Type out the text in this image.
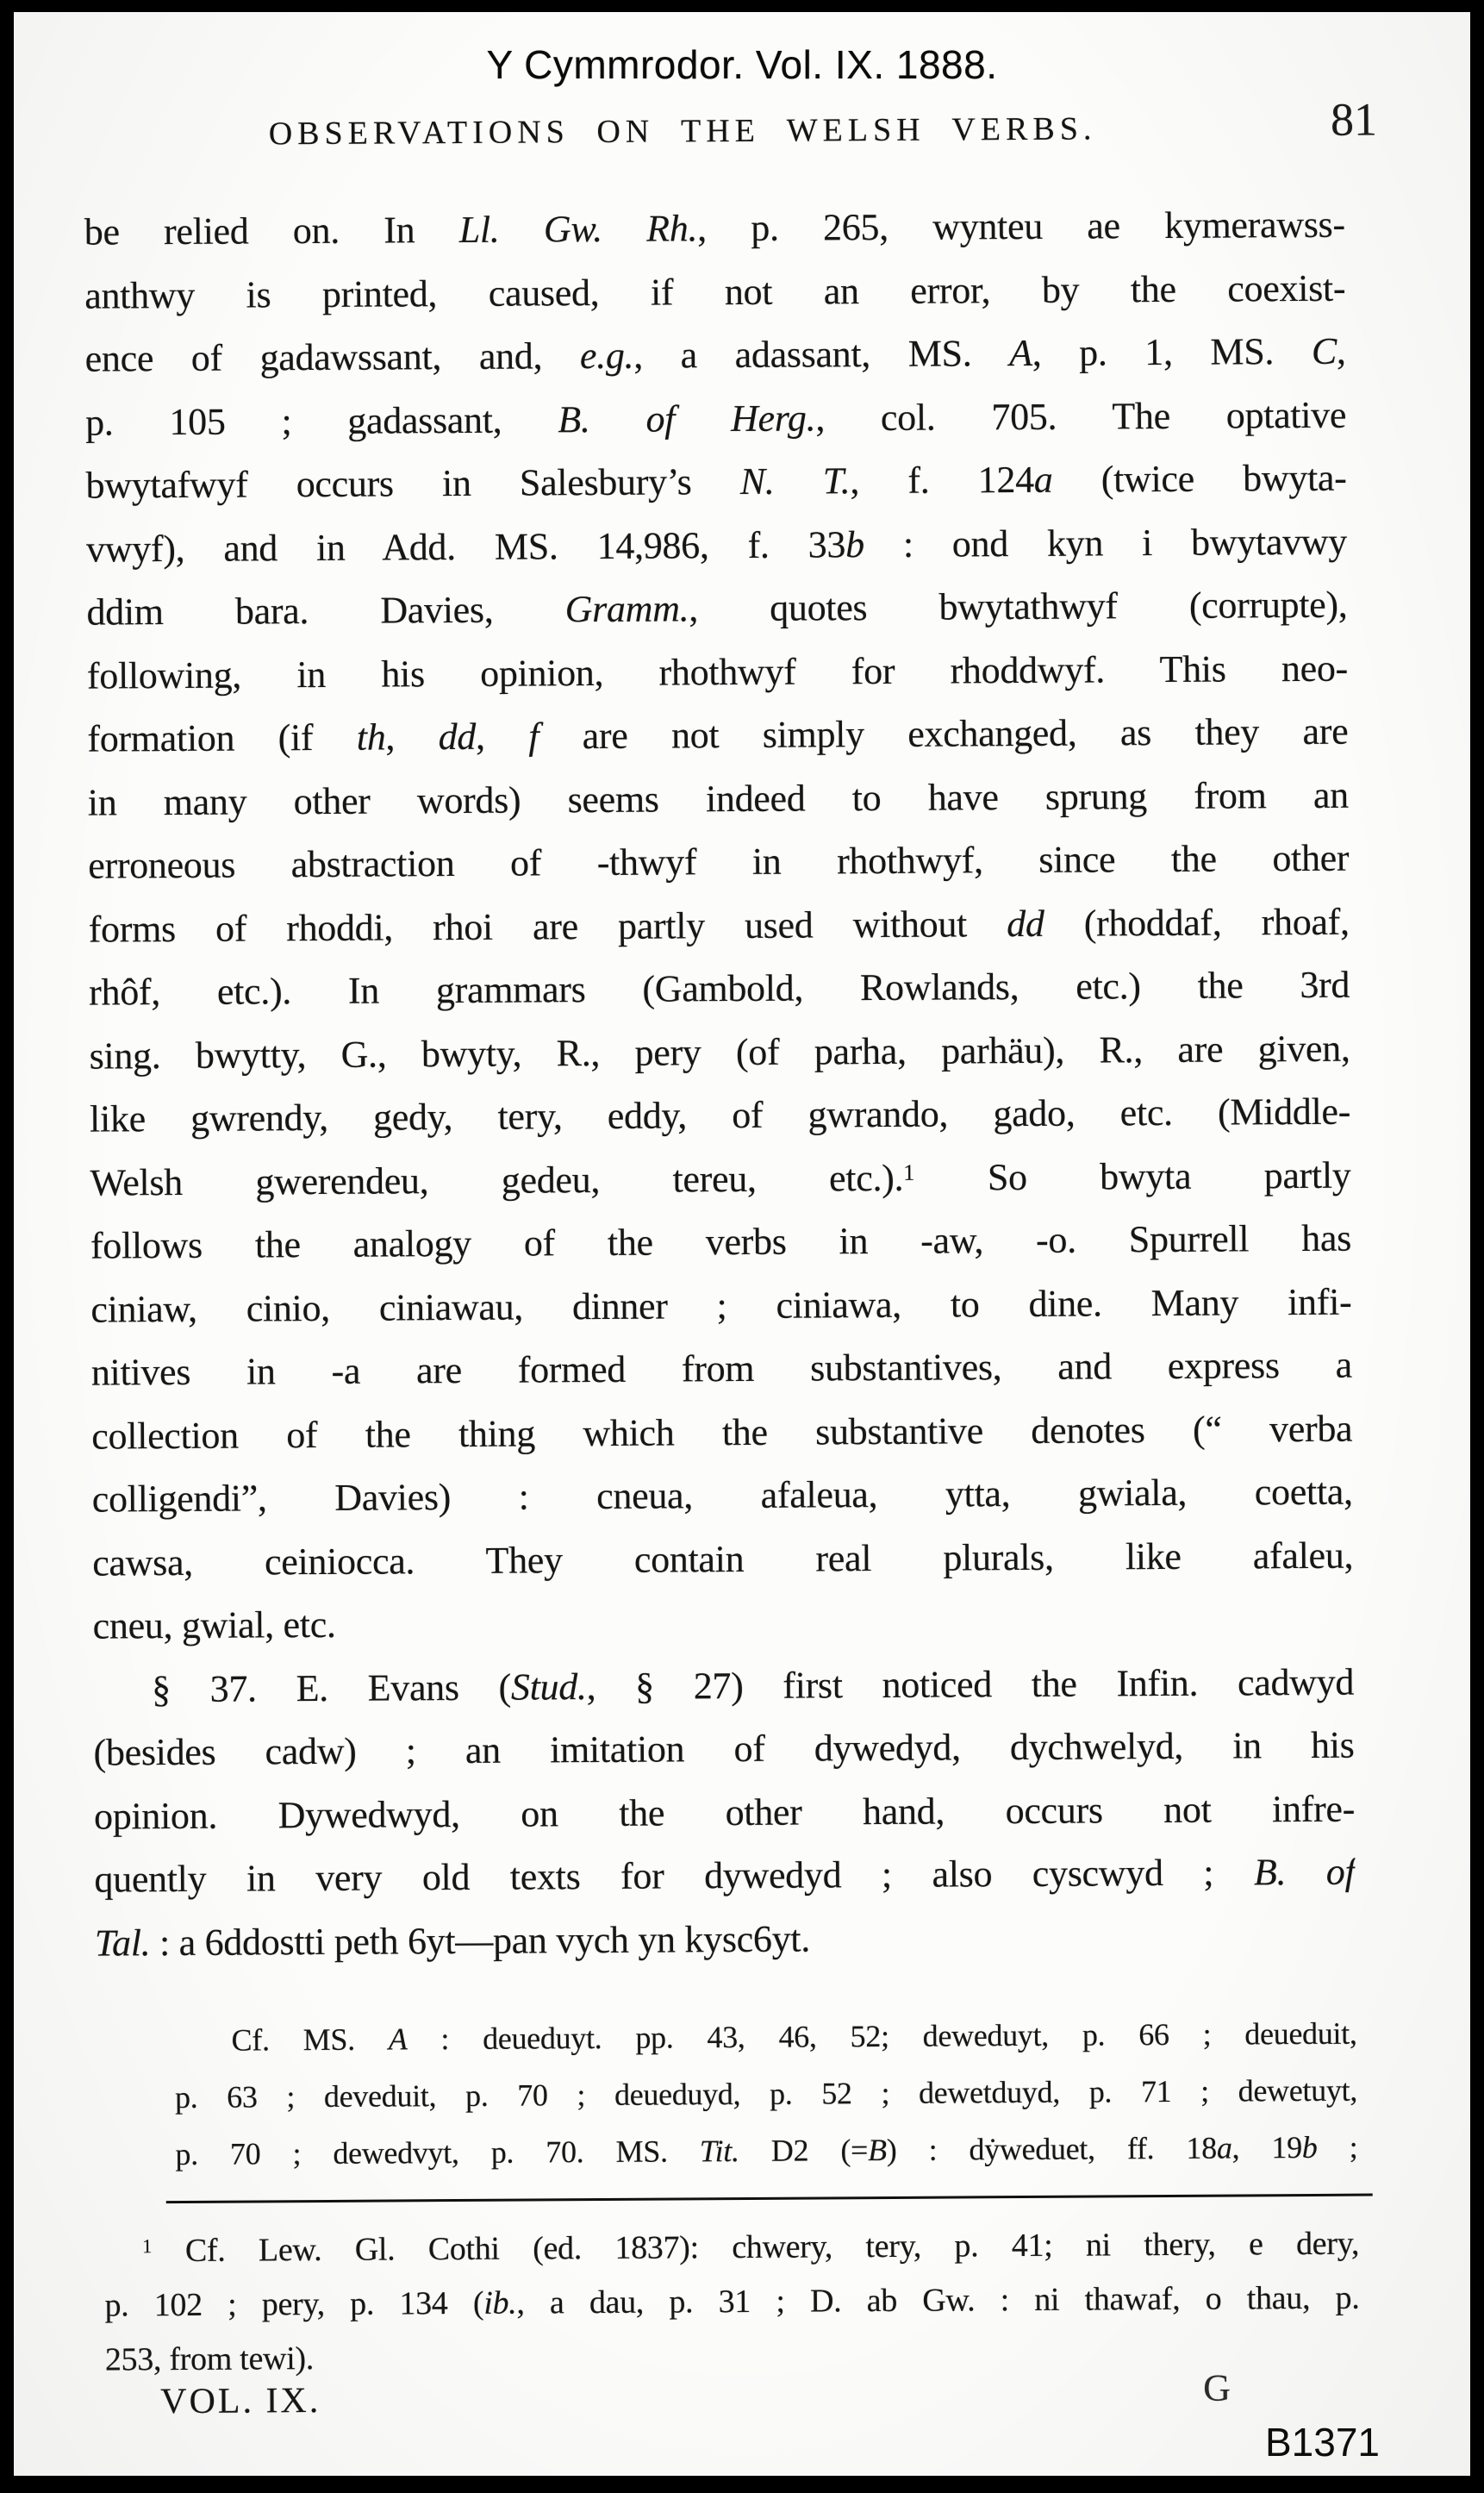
Y Cymmrodor. Vol. IX. 1888.
OBSERVATIONS ON THE WELSH VERBS.	81
be relied on. In Ll. Gw. Rh., p. 265, wynteu ae kymerawss-
anthwy is printed, caused, if not an error, by the coexist-
ence of gadawssant, and, e.g., a adassant, MS. A, p. 1, MS. C,
p. 105 ; gadassant, B. of Herg., col. 705. The optative
bwytafwyf occurs in Salesbury’s N. T., f. 124a (twice bwyta-
vwyf), and in Add. MS. 14,986, f. 33b : ond kyn i bwytavwy
ddim bara. Davies, Gramm., quotes bwytathwyf (corrupte),
following, in his opinion, rhothwyf for rhoddwyf. This neo-
formation (if th, dd, f are not simply exchanged, as they are
in many other words) seems indeed to have sprung from an
erroneous abstraction of -thwyf in rhothwyf, since the other
forms of rhoddi, rhoi are partly used without dd (rhoddaf, rhoaf,
rhôf, etc.). In grammars (Gambold, Rowlands, etc.) the 3rd
sing. bwytty, G., bwyty, R., pery (of parha, parhäu), R., are given,
like gwrendy, gedy, tery, eddy, of gwrando, gado, etc. (Middle-
Welsh gwerendeu, gedeu, tereu, etc.).$^1$ So bwyta partly
follows the analogy of the verbs in -aw, -o. Spurrell has
ciniaw, cinio, ciniawau, dinner ; ciniawa, to dine. Many infi-
nitives in -a are formed from substantives, and express a
collection of the thing which the substantive denotes (“ verba
colligendi”, Davies) : cneua, afaleua, ytta, gwiala, coetta,
cawsa, ceiniocca. They contain real plurals, like afaleu,
cneu, gwial, etc.
§ 37. E. Evans (Stud., § 27) first noticed the Infin. cadwyd
(besides cadw) ; an imitation of dywedyd, dychwelyd, in his
opinion. Dywedwyd, on the other hand, occurs not infre-
quently in very old texts for dywedyd ; also cyscwyd ; B. of
Tal. : a 6ddostti peth 6yt—pan vych yn kysc6yt.
Cf. MS. A : deueduyt. pp. 43, 46, 52; deweduyt, p. 66 ; deueduit,
p. 63 ; deveduit, p. 70 ; deueduyd, p. 52 ; dewetduyd, p. 71 ; dewetuyt,
p. 70 ; dewedvyt, p. 70. MS. Tit. D2 (=B) : dẏweduet, ff. 18a, 19b ;
$^1$ Cf. Lew. Gl. Cothi (ed. 1837): chwery, tery, p. 41; ni thery, e dery,
p. 102 ; pery, p. 134 (ib., a dau, p. 31 ; D. ab Gw. : ni thawaf, o thau, p.
253, from tewi).
VOL. IX.	G
B1371
